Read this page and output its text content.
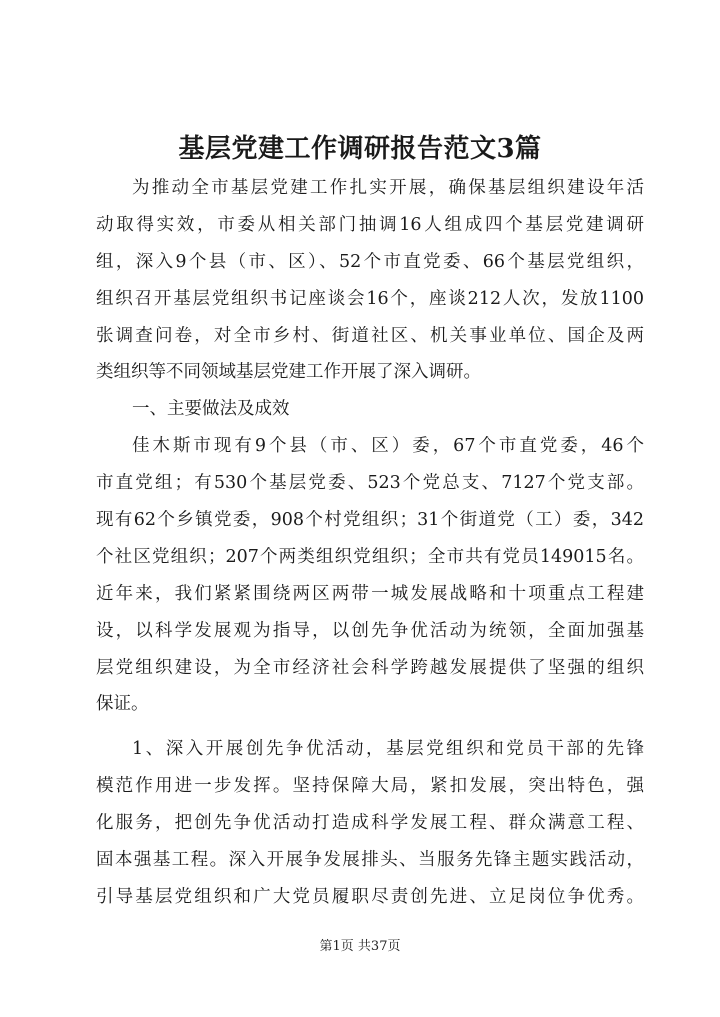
基层党建工作调研报告范文3篇
为推动全市基层党建工作扎实开展，确保基层组织建设年活
动取得实效，市委从相关部门抽调16人组成四个基层党建调研
组，深入9个县（市、区）、52个市直党委、66个基层党组织，
组织召开基层党组织书记座谈会16个，座谈212人次，发放1100
张调查问卷，对全市乡村、街道社区、机关事业单位、国企及两
类组织等不同领域基层党建工作开展了深入调研。
一、主要做法及成效
佳木斯市现有9个县（市、区）委，67个市直党委，46个
市直党组；有530个基层党委、523个党总支、7127个党支部。
现有62个乡镇党委，908个村党组织；31个街道党（工）委，342
个社区党组织；207个两类组织党组织；全市共有党员149015名。
近年来，我们紧紧围绕两区两带一城发展战略和十项重点工程建
设，以科学发展观为指导，以创先争优活动为统领，全面加强基
层党组织建设，为全市经济社会科学跨越发展提供了坚强的组织
保证。
1、深入开展创先争优活动，基层党组织和党员干部的先锋
模范作用进一步发挥。坚持保障大局，紧扣发展，突出特色，强
化服务，把创先争优活动打造成科学发展工程、群众满意工程、
固本强基工程。深入开展争发展排头、当服务先锋主题实践活动，
引导基层党组织和广大党员履职尽责创先进、立足岗位争优秀。
第1页 共37页
